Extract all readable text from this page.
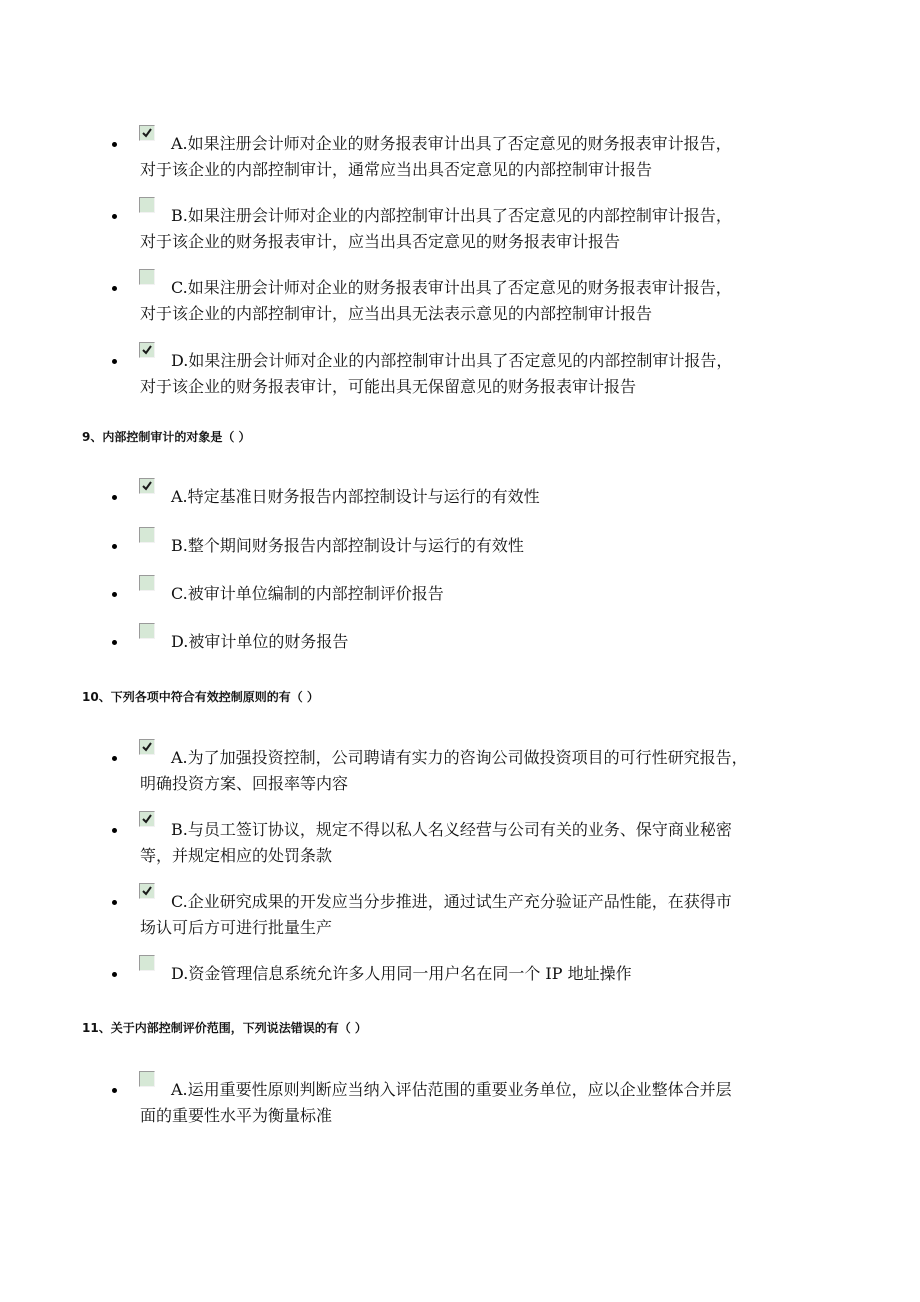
A.如果注册会计师对企业的财务报表审计出具了否定意见的财务报表审计报告，
对于该企业的内部控制审计，通常应当出具否定意见的内部控制审计报告
B.如果注册会计师对企业的内部控制审计出具了否定意见的内部控制审计报告，
对于该企业的财务报表审计，应当出具否定意见的财务报表审计报告
C.如果注册会计师对企业的财务报表审计出具了否定意见的财务报表审计报告，
对于该企业的内部控制审计，应当出具无法表示意见的内部控制审计报告
D.如果注册会计师对企业的内部控制审计出具了否定意见的内部控制审计报告，
对于该企业的财务报表审计，可能出具无保留意见的财务报表审计报告
9、内部控制审计的对象是（ ）
A.特定基准日财务报告内部控制设计与运行的有效性
B.整个期间财务报告内部控制设计与运行的有效性
C.被审计单位编制的内部控制评价报告
D.被审计单位的财务报告
10、下列各项中符合有效控制原则的有（ ）
A.为了加强投资控制，公司聘请有实力的咨询公司做投资项目的可行性研究报告，
明确投资方案、回报率等内容
B.与员工签订协议，规定不得以私人名义经营与公司有关的业务、保守商业秘密
等，并规定相应的处罚条款
C.企业研究成果的开发应当分步推进，通过试生产充分验证产品性能，在获得市
场认可后方可进行批量生产
D.资金管理信息系统允许多人用同一用户名在同一个 IP 地址操作
11、关于内部控制评价范围，下列说法错误的有（ ）
A.运用重要性原则判断应当纳入评估范围的重要业务单位，应以企业整体合并层
面的重要性水平为衡量标准
